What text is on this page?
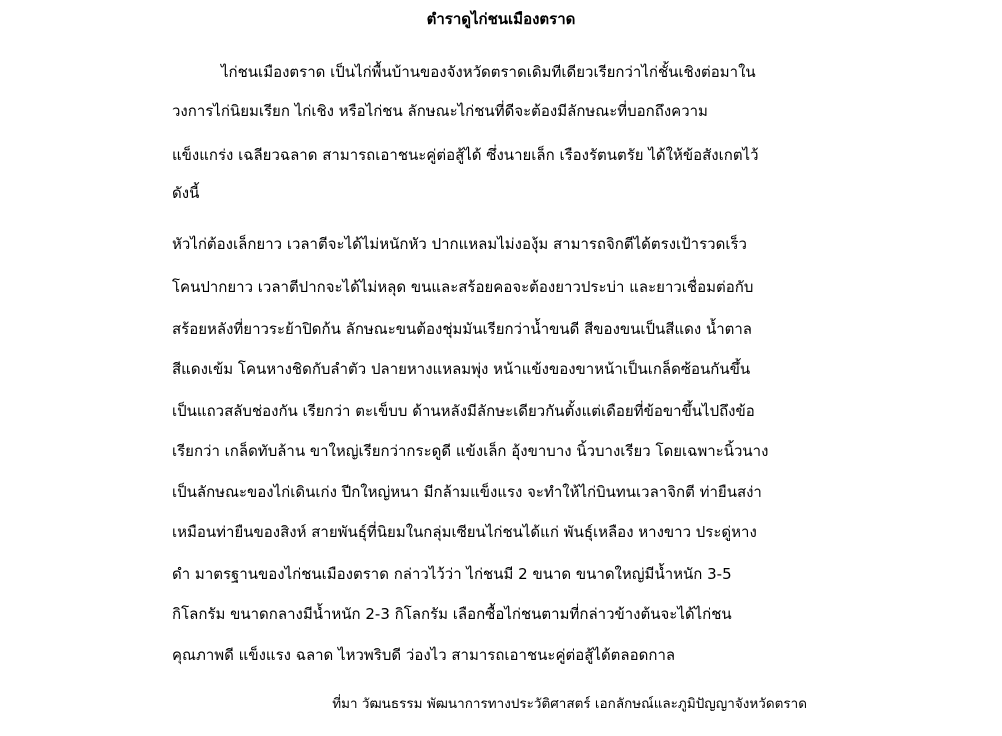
ตำราดูไก่ชนเมืองตราด

ไก่ชนเมืองตราด เป็นไก่พื้นบ้านของจังหวัดตราดเดิมทีเดียวเรียกว่าไก่ชั้นเชิงต่อมาใน

วงการไก่นิยมเรียก ไก่เชิง หรือไก่ชน ลักษณะไก่ชนที่ดีจะต้องมีลักษณะที่บอกถึงความ

แข็งแกร่ง เฉลียวฉลาด สามารถเอาชนะคู่ต่อสู้ได้ ซึ่งนายเล็ก เรืองรัตนตรัย ได้ให้ข้อสังเกตไว้

ดังนี้

หัวไก่ต้องเล็กยาว เวลาตีจะได้ไม่หนักหัว ปากแหลมไม่งองุ้ม สามารถจิกตีได้ตรงเป้ารวดเร็ว

โคนปากยาว เวลาตีปากจะได้ไม่หลุด ขนและสร้อยคอจะต้องยาวประบ่า และยาวเชื่อมต่อกับ

สร้อยหลังที่ยาวระย้าปิดก้น ลักษณะขนต้องชุ่มมันเรียกว่าน้ำขนดี สีของขนเป็นสีแดง น้ำตาล

สีแดงเข้ม โคนหางชิดกับลำตัว ปลายหางแหลมพุ่ง หน้าแข้งของขาหน้าเป็นเกล็ดซ้อนกันขึ้น

เป็นแถวสลับช่องกัน เรียกว่า ตะเข็บบ ด้านหลังมีลักษะเดียวกันตั้งแต่เดือยที่ข้อขาขึ้นไปถึงข้อ

เรียกว่า เกล็ดทับล้าน ขาใหญ่เรียกว่ากระดูดี แข้งเล็ก อุ้งขาบาง นิ้วบางเรียว โดยเฉพาะนิ้วนาง

เป็นลักษณะของไก่เดินเก่ง ปีกใหญ่หนา มีกล้ามแข็งแรง จะทำให้ไก่บินทนเวลาจิกตี ท่ายืนสง่า

เหมือนท่ายืนของสิงห์ สายพันธุ์ที่นิยมในกลุ่มเซียนไก่ชนได้แก่ พันธุ์เหลือง หางขาว ประดู่หาง

ดำ มาตรฐานของไก่ชนเมืองตราด กล่าวไว้ว่า ไก่ชนมี 2 ขนาด ขนาดใหญ่มีน้ำหนัก 3-5

กิโลกรัม ขนาดกลางมีน้ำหนัก 2-3 กิโลกรัม เลือกซื้อไก่ชนตามที่กล่าวข้างต้นจะได้ไก่ชน

คุณภาพดี แข็งแรง ฉลาด ไหวพริบดี ว่องไว สามารถเอาชนะคู่ต่อสู้ได้ตลอดกาล

ที่มา วัฒนธรรม พัฒนาการทางประวัติศาสตร์ เอกลักษณ์และภูมิปัญญาจังหวัดตราด
